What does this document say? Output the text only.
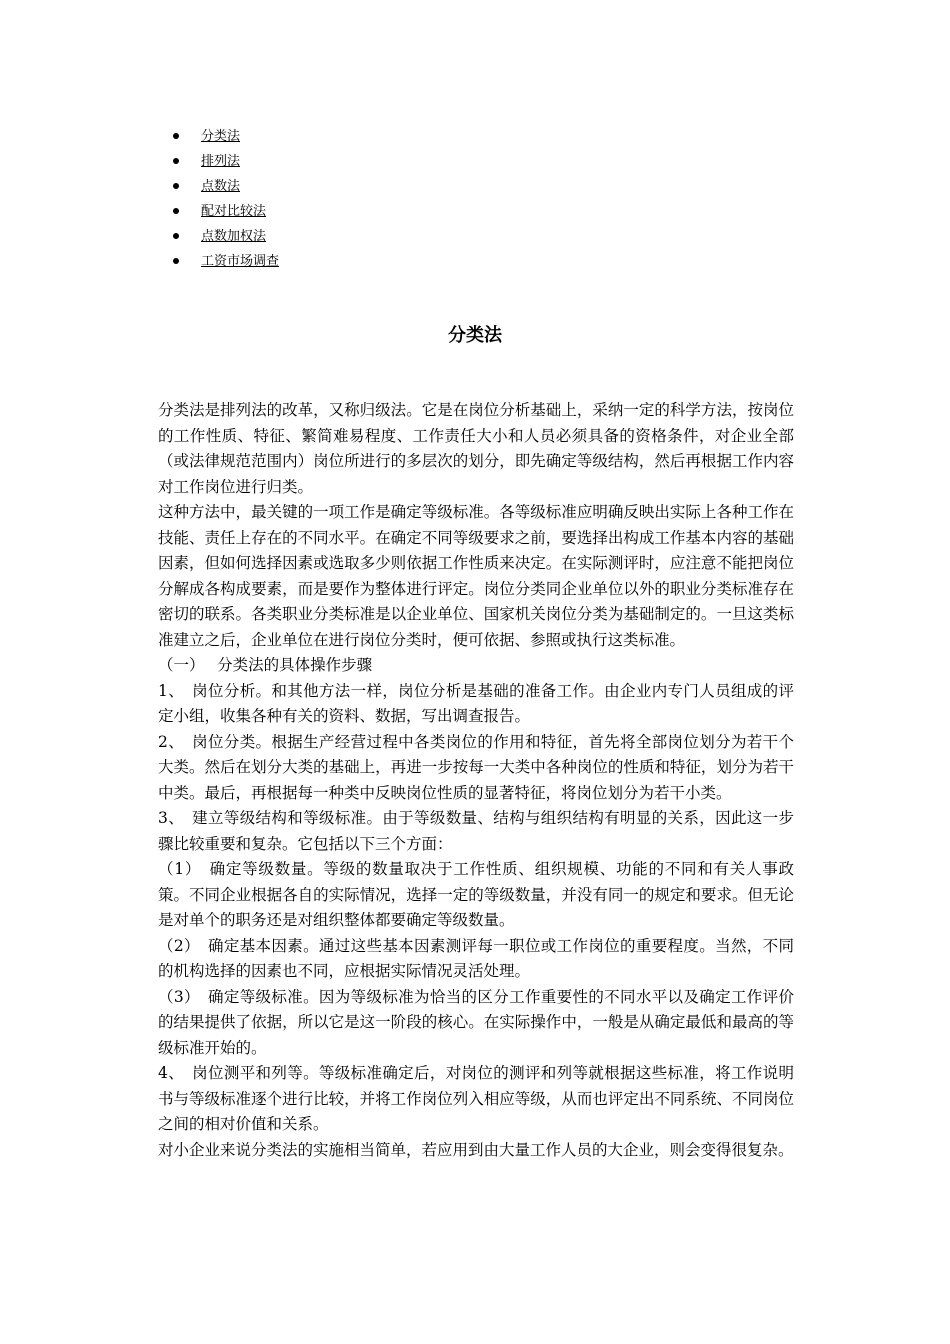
分类法
排列法
点数法
配对比较法
点数加权法
工资市场调查
分类法

分类法是排列法的改革，又称归级法。它是在岗位分析基础上，采纳一定的科学方法，按岗位的工作性质、特征、繁简难易程度、工作责任大小和人员必须具备的资格条件，对企业全部（或法律规范范围内）岗位所进行的多层次的划分，即先确定等级结构，然后再根据工作内容对工作岗位进行归类。

这种方法中，最关键的一项工作是确定等级标准。各等级标准应明确反映出实际上各种工作在技能、责任上存在的不同水平。在确定不同等级要求之前，要选择出构成工作基本内容的基础因素，但如何选择因素或选取多少则依据工作性质来决定。在实际测评时，应注意不能把岗位分解成各构成要素，而是要作为整体进行评定。岗位分类同企业单位以外的职业分类标准存在密切的联系。各类职业分类标准是以企业单位、国家机关岗位分类为基础制定的。一旦这类标准建立之后，企业单位在进行岗位分类时，便可依据、参照或执行这类标准。

（一）　 分类法的具体操作步骤

1、　岗位分析。和其他方法一样，岗位分析是基础的准备工作。由企业内专门人员组成的评定小组，收集各种有关的资料、数据，写出调查报告。

2、　岗位分类。根据生产经营过程中各类岗位的作用和特征，首先将全部岗位划分为若干个大类。然后在划分大类的基础上，再进一步按每一大类中各种岗位的性质和特征，划分为若干中类。最后，再根据每一种类中反映岗位性质的显著特征，将岗位划分为若干小类。

3、　建立等级结构和等级标准。由于等级数量、结构与组织结构有明显的关系，因此这一步骤比较重要和复杂。它包括以下三个方面：

（1）　确定等级数量。等级的数量取决于工作性质、组织规模、功能的不同和有关人事政策。不同企业根据各自的实际情况，选择一定的等级数量，并没有同一的规定和要求。但无论是对单个的职务还是对组织整体都要确定等级数量。

（2）　确定基本因素。通过这些基本因素测评每一职位或工作岗位的重要程度。当然，不同的机构选择的因素也不同，应根据实际情况灵活处理。

（3）　确定等级标准。因为等级标准为恰当的区分工作重要性的不同水平以及确定工作评价的结果提供了依据，所以它是这一阶段的核心。在实际操作中，一般是从确定最低和最高的等级标准开始的。

4、　岗位测平和列等。等级标准确定后，对岗位的测评和列等就根据这些标准，将工作说明书与等级标准逐个进行比较，并将工作岗位列入相应等级，从而也评定出不同系统、不同岗位之间的相对价值和关系。

对小企业来说分类法的实施相当简单，若应用到由大量工作人员的大企业，则会变得很复杂。
